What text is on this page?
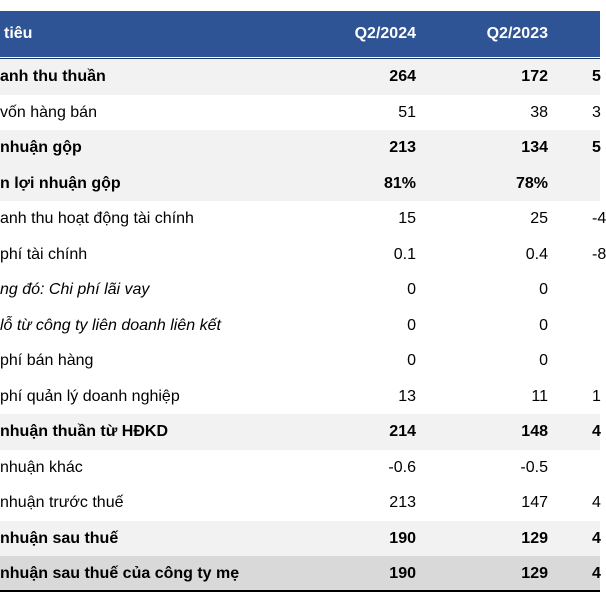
tiêu	Q2/2024	Q2/2023
anh thu thuần	264	172	5
vốn hàng bán	51	38	3
nhuận gộp	213	134	5
n lợi nhuận gộp	81%	78%
anh thu hoạt động tài chính	15	25	-4
phí tài chính	0.1	0.4	-8
ng đó: Chi phí lãi vay	0	0
lỗ từ công ty liên doanh liên kết	0	0
phí bán hàng	0	0
phí quản lý doanh nghiệp	13	11	1
nhuận thuần từ HĐKD	214	148	4
nhuận khác	-0.6	-0.5
nhuận trước thuế	213	147	4
nhuận sau thuế	190	129	4
nhuận sau thuế của công ty mẹ	190	129	4
